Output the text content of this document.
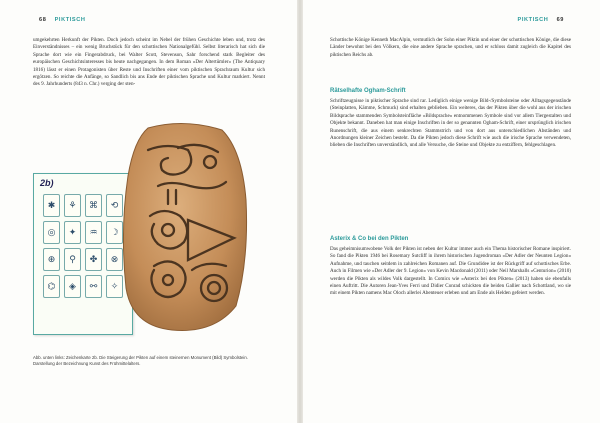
68 PIKTISCH

umgekehrten Herkunft der Pikten. Doch jedoch scheint im Nebel der frühen Geschichte leben und, trotz des Einverständnisses – ein wenig Bruchstück für den schottischen Nationalgefühl. Selbst literarisch hat sich die Sprache dort wie ein Fingerabdruck, bei Walter Scott, Stevenson, Sahr forschend stark Begleiter des europäischen Geschichtsinteresses bis heute nachgegangen. In dem Roman »Der Altertümler« (The Antiquary 1816) lässt er einen Protagonisten über Reste und Inschriften einer vom piktischen Sprachraum Kultur sich ergötzen. So reichte die Anfänge, so Sandlich bis ans Ende der piktischen Sprache und Kultur markiert. Nennt des 9. Jahrhunderts (843 n. Chr.) verging der sten-

2b)
✱	⚘	⌘	⟲
◎	✦	♒	☽
⊕	⚲	✤	⊗
⌬	◈	⚯	✧
Abb. unten links: Zeichenkarte 2b. Die Steigerung der Pikten auf einem steinernen Monument (Bild) Symbolstein. Darstellung der Bezeichnung Kunst des Frühmittelalters.
PIKTISCH 69

Schottische Könige Kenneth MacAlpin, vermutlich der Sohn einer Piktin und einer der schottischen Könige, die diese Länder bewohnt bei den Völkern, die eine andere Sprache sprachen, und er schloss damit zugleich die Kapitel des piktischen Reichs ab.

Rätselhafte Ogham-Schrift

Schriftzeugnisse in piktischer Sprache sind rar. Lediglich einige wenige Bild-/Symbolsteine oder Alltagsgegenstände (Steinplatten, Kämme, Schmuck) sind erhalten geblieben. Ein weiteres, das der Pikten über die wohl aus der irischen Bildsprache stammenden Symbolsteinfläche »Bildsprache« entnommenen Symbole sind vor allem Tiergestalten und Objekte bekannt. Daneben hat man einige Inschriften in der so genannten Ogham-Schrift, einer ursprünglich irischen Runenschrift, die aus einem senkrechten Stammstrich und von dort aus unterschiedlichen Abständen und Anordnungen kleiner Zeichen besteht. Da die Pikten jedoch diese Schrift wie auch die irische Sprache verwendeten, blieben die Inschriften unverständlich, und alle Versuche, die Steine und Objekte zu entziffern, fehlgeschlagen.

Asterix & Co bei den Pikten

Das geheimnisumwobene Volk der Pikten ist neben der Kultur immer auch ein Thema historischer Romane inspiriert. So fand die Pikten 1946 bei Rosemary Sutcliff in ihrem historischen Jugendroman »Der Adler der Neunten Legion« Aufnahme, und tauchen seitdem in zahlreichen Romanen auf. Die Grundidee ist der Rückgriff auf schottisches Erbe. Auch in Filmen wie »Der Adler der 9. Legion« von Kevin Macdonald (2011) oder Neil Marshalls »Centurion« (2010) werden die Pikten als wildes Volk dargestellt. In Comics wie »Asterix bei den Pikten« (2013) haben sie ebenfalls einen Auftritt. Die Autoren Jean-Yves Ferri und Didier Conrad schickten die beiden Gallier nach Schottland, wo sie mit einem Pikten namens Mac Oloch allerlei Abenteuer erleben und am Ende als Helden gefeiert werden.
